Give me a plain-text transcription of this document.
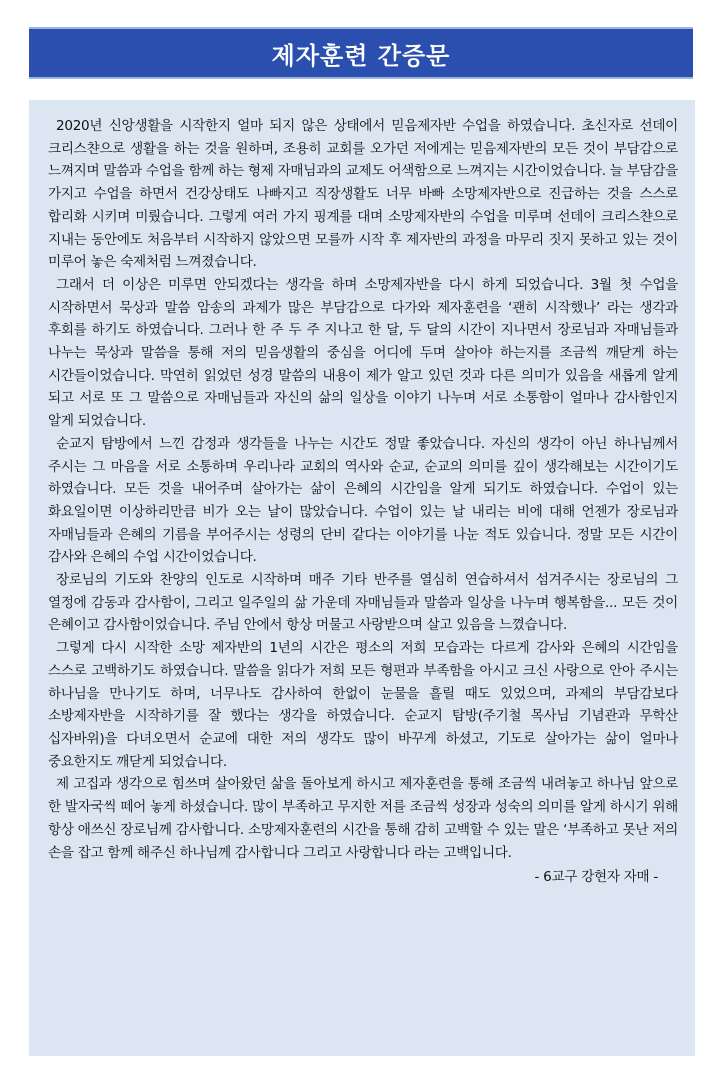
제자훈련 간증문

2020년 신앙생활을 시작한지 얼마 되지 않은 상태에서 믿음제자반 수업을 하였습니다. 초신자로 선데이 크리스챤으로 생활을 하는 것을 원하며, 조용히 교회를 오가던 저에게는 믿음제자반의 모든 것이 부담감으로 느껴지며 말씀과 수업을 함께 하는 형제 자매님과의 교제도 어색함으로 느껴지는 시간이었습니다. 늘 부담감을 가지고 수업을 하면서 건강상태도 나빠지고 직장생활도 너무 바빠 소망제자반으로 진급하는 것을 스스로 합리화 시키며 미뤘습니다. 그렇게 여러 가지 핑계를 대며 소망제자반의 수업을 미루며 선데이 크리스챤으로 지내는 동안에도 처음부터 시작하지 않았으면 모를까 시작 후 제자반의 과정을 마무리 짓지 못하고 있는 것이 미루어 놓은 숙제처럼 느껴졌습니다.

그래서 더 이상은 미루면 안되겠다는 생각을 하며 소망제자반을 다시 하게 되었습니다. 3월 첫 수업을 시작하면서 묵상과 말씀 암송의 과제가 많은 부담감으로 다가와 제자훈련을 ‘괜히 시작했나’ 라는 생각과 후회를 하기도 하였습니다. 그러나 한 주 두 주 지나고 한 달, 두 달의 시간이 지나면서 장로님과 자매님들과 나누는 묵상과 말씀을 통해 저의 믿음생활의 중심을 어디에 두며 살아야 하는지를 조금씩 깨닫게 하는 시간들이었습니다. 막연히 읽었던 성경 말씀의 내용이 제가 알고 있던 것과 다른 의미가 있음을 새롭게 알게 되고 서로 또 그 말씀으로 자매님들과 자신의 삶의 일상을 이야기 나누며 서로 소통함이 얼마나 감사함인지 알게 되었습니다.

순교지 탐방에서 느낀 감정과 생각들을 나누는 시간도 정말 좋았습니다. 자신의 생각이 아닌 하나님께서 주시는 그 마음을 서로 소통하며 우리나라 교회의 역사와 순교, 순교의 의미를 깊이 생각해보는 시간이기도 하였습니다. 모든 것을 내어주며 살아가는 삶이 은혜의 시간임을 알게 되기도 하였습니다. 수업이 있는 화요일이면 이상하리만큼 비가 오는 날이 많았습니다. 수업이 있는 날 내리는 비에 대해 언젠가 장로님과 자매님들과 은혜의 기름을 부어주시는 성령의 단비 같다는 이야기를 나눈 적도 있습니다. 정말 모든 시간이 감사와 은혜의 수업 시간이었습니다.

장로님의 기도와 찬양의 인도로 시작하며 매주 기타 반주를 열심히 연습하셔서 섬겨주시는 장로님의 그 열정에 감동과 감사함이, 그리고 일주일의 삶 가운데 자매님들과 말씀과 일상을 나누며 행복함을... 모든 것이 은혜이고 감사함이었습니다. 주님 안에서 항상 머물고 사랑받으며 살고 있음을 느꼈습니다.

그렇게 다시 시작한 소망 제자반의 1년의 시간은 평소의 저희 모습과는 다르게 감사와 은혜의 시간임을 스스로 고백하기도 하였습니다. 말씀을 읽다가 저희 모든 형편과 부족함을 아시고 크신 사랑으로 안아 주시는 하나님을 만나기도 하며, 너무나도 감사하여 한없이 눈물을 흘릴 때도 있었으며, 과제의 부담감보다 소방제자반을 시작하기를 잘 했다는 생각을 하였습니다. 순교지 탐방(주기철 목사님 기념관과 무학산 십자바위)을 다녀오면서 순교에 대한 저의 생각도 많이 바꾸게 하셨고, 기도로 살아가는 삶이 얼마나 중요한지도 깨닫게 되었습니다.

제 고집과 생각으로 힘쓰며 살아왔던 삶을 돌아보게 하시고 제자훈련을 통해 조금씩 내려놓고 하나님 앞으로 한 발자국씩 떼어 놓게 하셨습니다. 많이 부족하고 무지한 저를 조금씩 성장과 성숙의 의미를 알게 하시기 위해 항상 애쓰신 장로님께 감사합니다. 소망제자훈련의 시간을 통해 감히 고백할 수 있는 말은 ‘부족하고 못난 저의 손을 잡고 함께 해주신 하나님께 감사합니다 그리고 사랑합니다 라는 고백입니다.

- 6교구 강현자 자매 -
